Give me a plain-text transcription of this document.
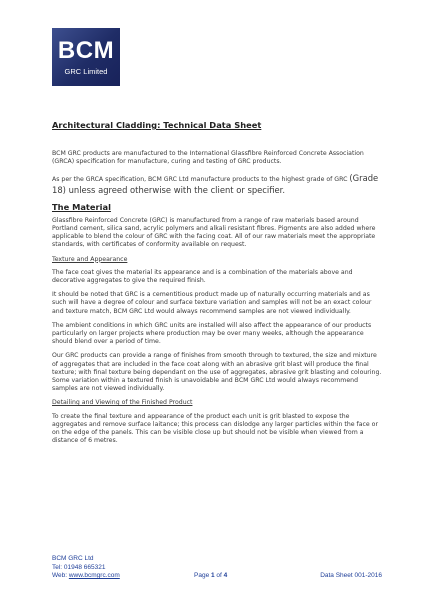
BCM
GRC Limited
Architectural Cladding: Technical Data Sheet

BCM GRC products are manufactured to the International Glassfibre Reinforced Concrete Association (GRCA) specification for manufacture, curing and testing of GRC products.

As per the GRCA specification, BCM GRC Ltd manufacture products to the highest grade of GRC (Grade 18) unless agreed otherwise with the client or specifier.

The Material

Glassfibre Reinforced Concrete (GRC) is manufactured from a range of raw materials based around Portland cement, silica sand, acrylic polymers and alkali resistant fibres. Pigments are also added where applicable to blend the colour of GRC with the facing coat. All of our raw materials meet the appropriate standards, with certificates of conformity available on request.

Texture and Appearance

The face coat gives the material its appearance and is a combination of the materials above and decorative aggregates to give the required finish.

It should be noted that GRC is a cementitious product made up of naturally occurring materials and as such will have a degree of colour and surface texture variation and samples will not be an exact colour and texture match, BCM GRC Ltd would always recommend samples are not viewed individually.

The ambient conditions in which GRC units are installed will also affect the appearance of our products particularly on larger projects where production may be over many weeks, although the appearance should blend over a period of time.

Our GRC products can provide a range of finishes from smooth through to textured, the size and mixture of aggregates that are included in the face coat along with an abrasive grit blast will produce the final texture; with final texture being dependant on the use of aggregates, abrasive grit blasting and colouring. Some variation within a textured finish is unavoidable and BCM GRC Ltd would always recommend samples are not viewed individually.

Detailing and Viewing of the Finished Product

To create the final texture and appearance of the product each unit is grit blasted to expose the aggregates and remove surface laitance; this process can dislodge any larger particles within the face or on the edge of the panels. This can be visible close up but should not be visible when viewed from a distance of 6 metres.

BCM GRC Ltd
Tel: 01948 665321
Web: www.bcmgrc.com	Page 1 of 4	Data Sheet 001-2016
